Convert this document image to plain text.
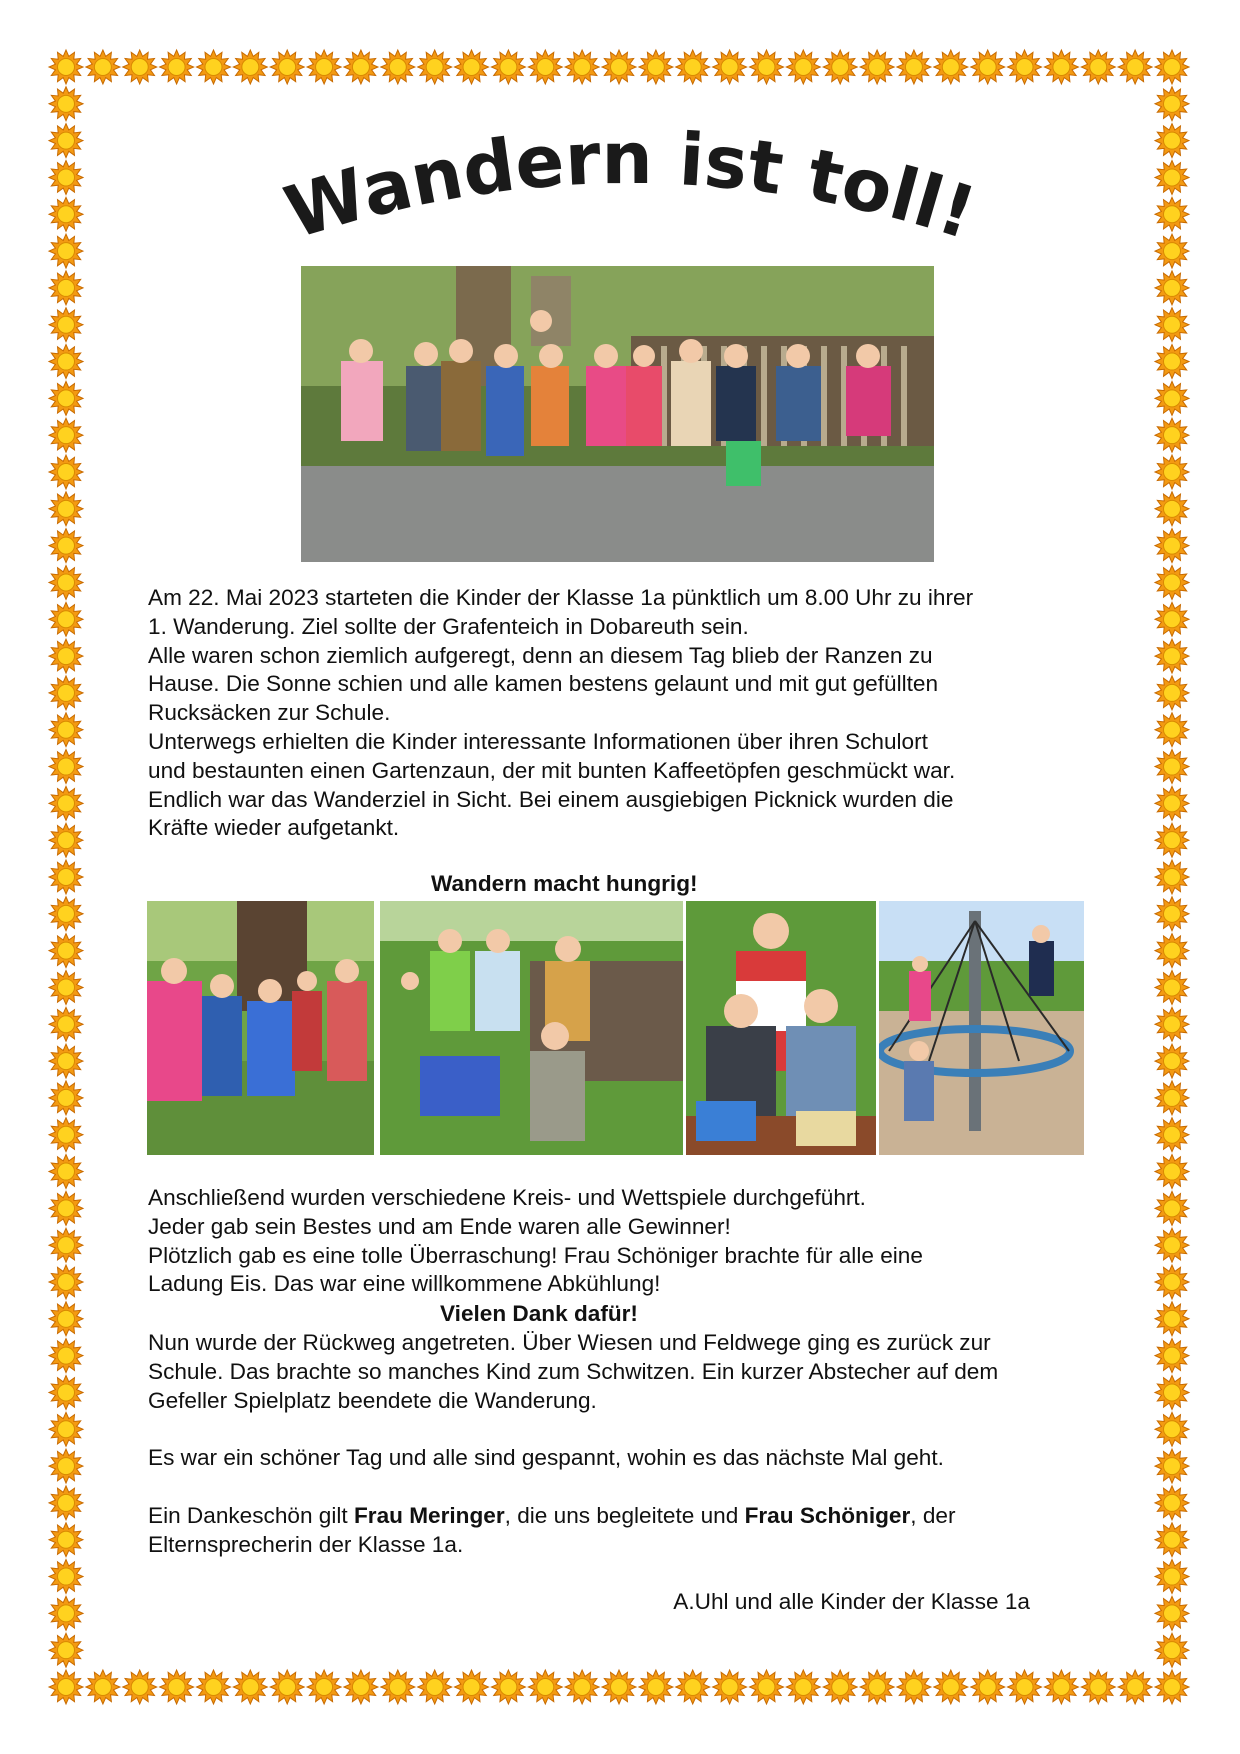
Wandern ist toll!

Am 22. Mai 2023 starteten die Kinder der Klasse 1a pünktlich um 8.00 Uhr zu ihrer

1. Wanderung. Ziel sollte der Grafenteich in Dobareuth sein.

Alle waren schon ziemlich aufgeregt, denn an diesem Tag blieb der Ranzen zu

Hause. Die Sonne schien und alle kamen bestens gelaunt und mit gut gefüllten

Rucksäcken zur Schule.

Unterwegs erhielten die Kinder interessante Informationen über ihren Schulort

und bestaunten einen Gartenzaun, der mit bunten Kaffeetöpfen geschmückt war.

Endlich war das Wanderziel in Sicht. Bei einem ausgiebigen Picknick wurden die

Kräfte wieder aufgetankt.

Wandern macht hungrig!

Anschließend wurden verschiedene Kreis- und Wettspiele durchgeführt.

Jeder gab sein Bestes und am Ende waren alle Gewinner!

Plötzlich gab es eine tolle Überraschung! Frau Schöniger brachte für alle eine

Ladung Eis. Das war eine willkommene Abkühlung!

Vielen Dank dafür!

Nun wurde der Rückweg angetreten. Über Wiesen und Feldwege ging es zurück zur

Schule. Das brachte so manches Kind zum Schwitzen. Ein kurzer Abstecher auf dem

Gefeller Spielplatz beendete die Wanderung.

Es war ein schöner Tag und alle sind gespannt, wohin es das nächste Mal geht.

Ein Dankeschön gilt Frau Meringer, die uns begleitete und Frau Schöniger, der

Elternsprecherin der Klasse 1a.

A.Uhl und alle Kinder der Klasse 1a
